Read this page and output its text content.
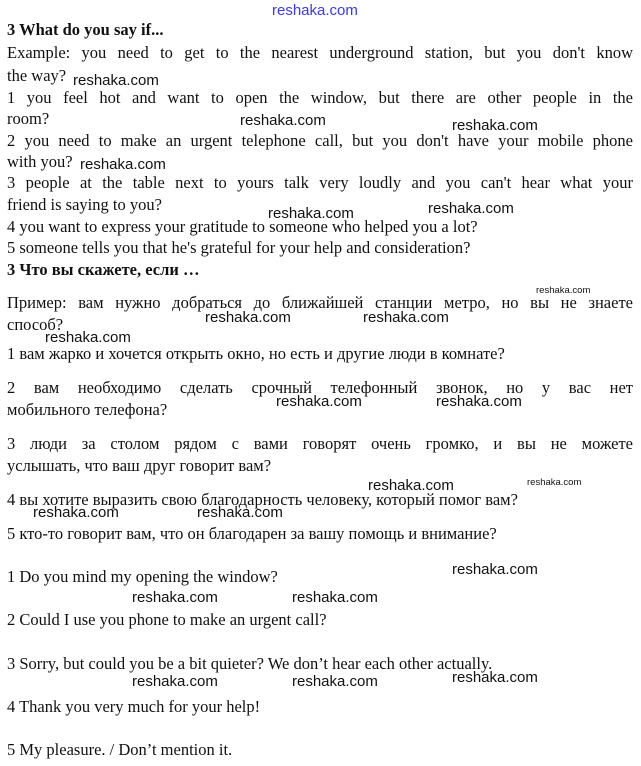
3 What do you say if...
Example: you need to get to the nearest underground station, but you don't know
the way?
1 you feel hot and want to open the window, but there are other people in the
room?
2 you need to make an urgent telephone call, but you don't have your mobile phone
with you?
3 people at the table next to yours talk very loudly and you can't hear what your
friend is saying to you?
4 you want to express your gratitude to someone who helped you a lot?
5 someone tells you that he's grateful for your help and consideration?
3 Что вы скажете, если …
Пример: вам нужно добраться до ближайшей станции метро, но вы не знаете
способ?
1 вам жарко и хочется открыть окно, но есть и другие люди в комнате?
2 вам необходимо сделать срочный телефонный звонок, но у вас нет
мобильного телефона?
3 люди за столом рядом с вами говорят очень громко, и вы не можете
услышать, что ваш друг говорит вам?
4 вы хотите выразить свою благодарность человеку, который помог вам?
5 кто-то говорит вам, что он благодарен за вашу помощь и внимание?
1 Do you mind my opening the window?
2 Could I use you phone to make an urgent call?
3 Sorry, but could you be a bit quieter? We don’t hear each other actually.
4 Thank you very much for your help!
5 My pleasure. / Don’t mention it.
reshaka.com
reshaka.com
reshaka.com	reshaka.com
reshaka.com
reshaka.com	reshaka.com
reshaka.com
reshaka.com	reshaka.com
reshaka.com
reshaka.com	reshaka.com
reshaka.com	reshaka.com
reshaka.com	reshaka.com
reshaka.com
reshaka.com	reshaka.com
reshaka.com
reshaka.com	reshaka.com
